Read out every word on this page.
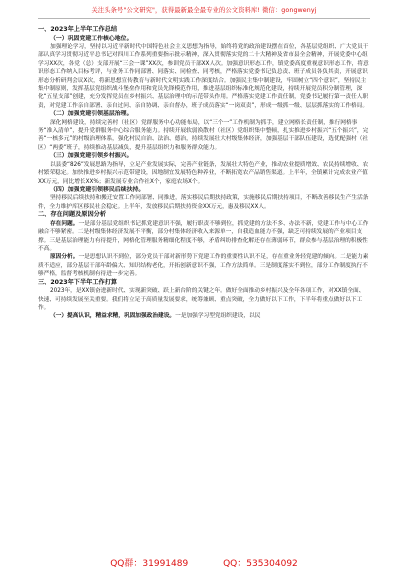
关注头条号"公文研究"，获得最新最全最专业的公文资料库! 微信：gongwenyj

一、2023年上半年工作总结

（一）巩固党建工作核心地位。

加强理论学习，坚持以习近平新时代中国特色社会主义思想为指导，始终将党的政治建设摆在首位，各基层党组织、广大党员干部认真学习贯彻习近平总书记对四川工作系列重要指示批示精神，深入贯彻落实党的二十大精神及省市县全会精神，开展党委中心组学习XX次，各党（总）支部开展“三会一课”XX次，参训党员干部XX人次。加强意识形态工作，镇党委高度重视意识形态工作，将意识形态工作纳入目标考评，与业务工作同部署、同落实、同检查、同考核，严格落实党委书记负总责、班子成员各负其责，开展意识形态分析研判会议X次，将新思想宣传教育与新时代文明实践工作深度结合。加强民主集中制建设，牢固树立“四个意识”，坚持民主集中制原则，发挥基层党组织战斗堡垒作用和党员先锋模范作用，推进基层组织标准化规范化建设，持续开展党员积分制管理，深化“五星支部”创建，充分发挥党员在乡村振兴、基层治理中的示范带头作用。严格落实党建工作责任制，党委书记履行第一责任人职责，对党建工作亲自部署、亲自过问、亲自协调、亲自督办，班子成员落实“一岗双责”，形成一级抓一级、层层抓落实的工作格局。

（二）加强党建引领基层治理。

深化网格建设，持续完善村（社区）党群服务中心功能布局，以“三个一”工作机制为抓手，建立网格长责任制，推行网格事务“准入清单”，提升党群服务中心综合服务能力。持续开展软弱涣散村（社区）党组织集中整顿，扎实推进乡村振兴“五个振兴”，完善“一核多元”的村级治理体系，强化村民自治、法治、德治，持续发展壮大村级集体经济，加强基层干部队伍建设，选优配强村（社区）“两委”班子，持续推动基层减负，提升基层组织力和服务群众能力。

（三）加强党建引领乡村振兴。

以县委“826”发展思路为指导，立足产业发展实际，完善产业链条，发展壮大特色产业，推动农业提质增效、农民持续增收、农村繁荣稳定。加快推进乡村振兴示范带建设，因地制宜发展特色种养业，不断拓宽农产品销售渠道。上半年，全镇累计完成农业产值XX万元，同比增长XX%；新发展专业合作社X个，家庭农场X个。

（四）加强党建引领移民后续扶持。

坚持移民后续扶持和搬迁安置工作同部署、同推进，落实移民后期扶持政策，实施移民后期扶持项目，不断改善移民生产生活条件，全力维护库区移民社会稳定。上半年，发放移民后期扶持资金XX万元，惠及移民XX人。

二、存在问题及原因分析

存在问题。一是部分基层党组织书记抓党建意识不强，履行职责不够到位，抓党建的方法不多、办法不新，党建工作与中心工作融合不够紧密。二是村级集体经济发展不平衡，部分村集体经济收入来源单一，自我造血能力不强，缺乏可持续发展的产业项目支撑。三是基层治理能力有待提升，网格化管理服务精细化程度不够，矛盾纠纷排查化解还存在薄弱环节，群众参与基层治理的积极性不高。

原因分析。一是思想认识不到位，部分党员干部对新形势下党建工作的重要性认识不足，存在重业务轻党建的倾向。二是能力素质不适应，部分基层干部年龄偏大、知识结构老化，开拓创新意识不强，工作方法简单。三是制度落实不到位，部分工作制度执行不够严格，监督考核机制有待进一步完善。

三、2023年下半年工作打算

2023年，是XX镇奋进新时代、实现新突破、跃上新台阶的关键之年。做好全面推动乡村振兴及全年各项工作，对XX镇全面、快速、可持续发展至关重要。我们将立足于高质量发展要求，统筹兼顾、重点突破，全力做好以下工作，下半年将重点做好以下工作。

（一）提高认识，精益求精，巩固加强政治建设。一是加强学习型党组织建设，以民

QQ群：31991489	QQ：535304092
